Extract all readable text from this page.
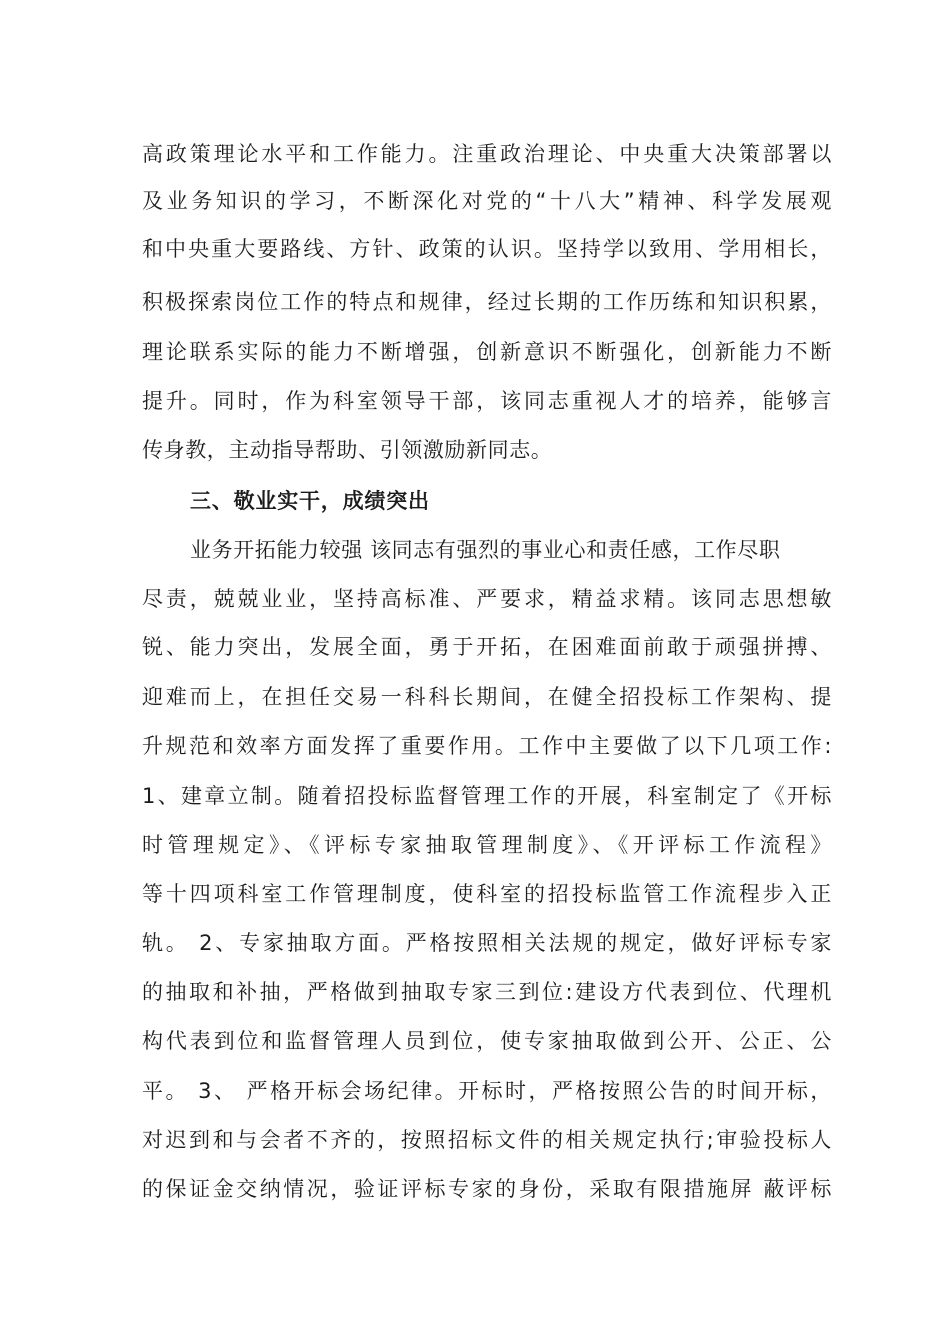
高政策理论水平和工作能力。注重政治理论、中央重大决策部署以
及业务知识的学习，不断深化对党的“十八大”精神、科学发展观
和中央重大要路线、方针、政策的认识。坚持学以致用、学用相长，
积极探索岗位工作的特点和规律，经过长期的工作历练和知识积累，
理论联系实际的能力不断增强，创新意识不断强化，创新能力不断
提升。同时，作为科室领导干部，该同志重视人才的培养，能够言
传身教，主动指导帮助、引领激励新同志。
三、敬业实干，成绩突出
业务开拓能力较强 该同志有强烈的事业心和责任感，工作尽职
尽责，兢兢业业，坚持高标准、严要求，精益求精。该同志思想敏
锐、能力突出，发展全面，勇于开拓，在困难面前敢于顽强拼搏、
迎难而上，在担任交易一科科长期间，在健全招投标工作架构、提
升规范和效率方面发挥了重要作用。工作中主要做了以下几项工作:
1、建章立制。随着招投标监督管理工作的开展，科室制定了《开标
时管理规定》、《评标专家抽取管理制度》、《开评标工作流程》
等十四项科室工作管理制度，使科室的招投标监管工作流程步入正
轨。 2、专家抽取方面。严格按照相关法规的规定，做好评标专家
的抽取和补抽，严格做到抽取专家三到位:建设方代表到位、代理机
构代表到位和监督管理人员到位，使专家抽取做到公开、公正、公
平。 3、 严格开标会场纪律。开标时，严格按照公告的时间开标，
对迟到和与会者不齐的，按照招标文件的相关规定执行;审验投标人
的保证金交纳情况，验证评标专家的身份，采取有限措施屏 蔽评标
